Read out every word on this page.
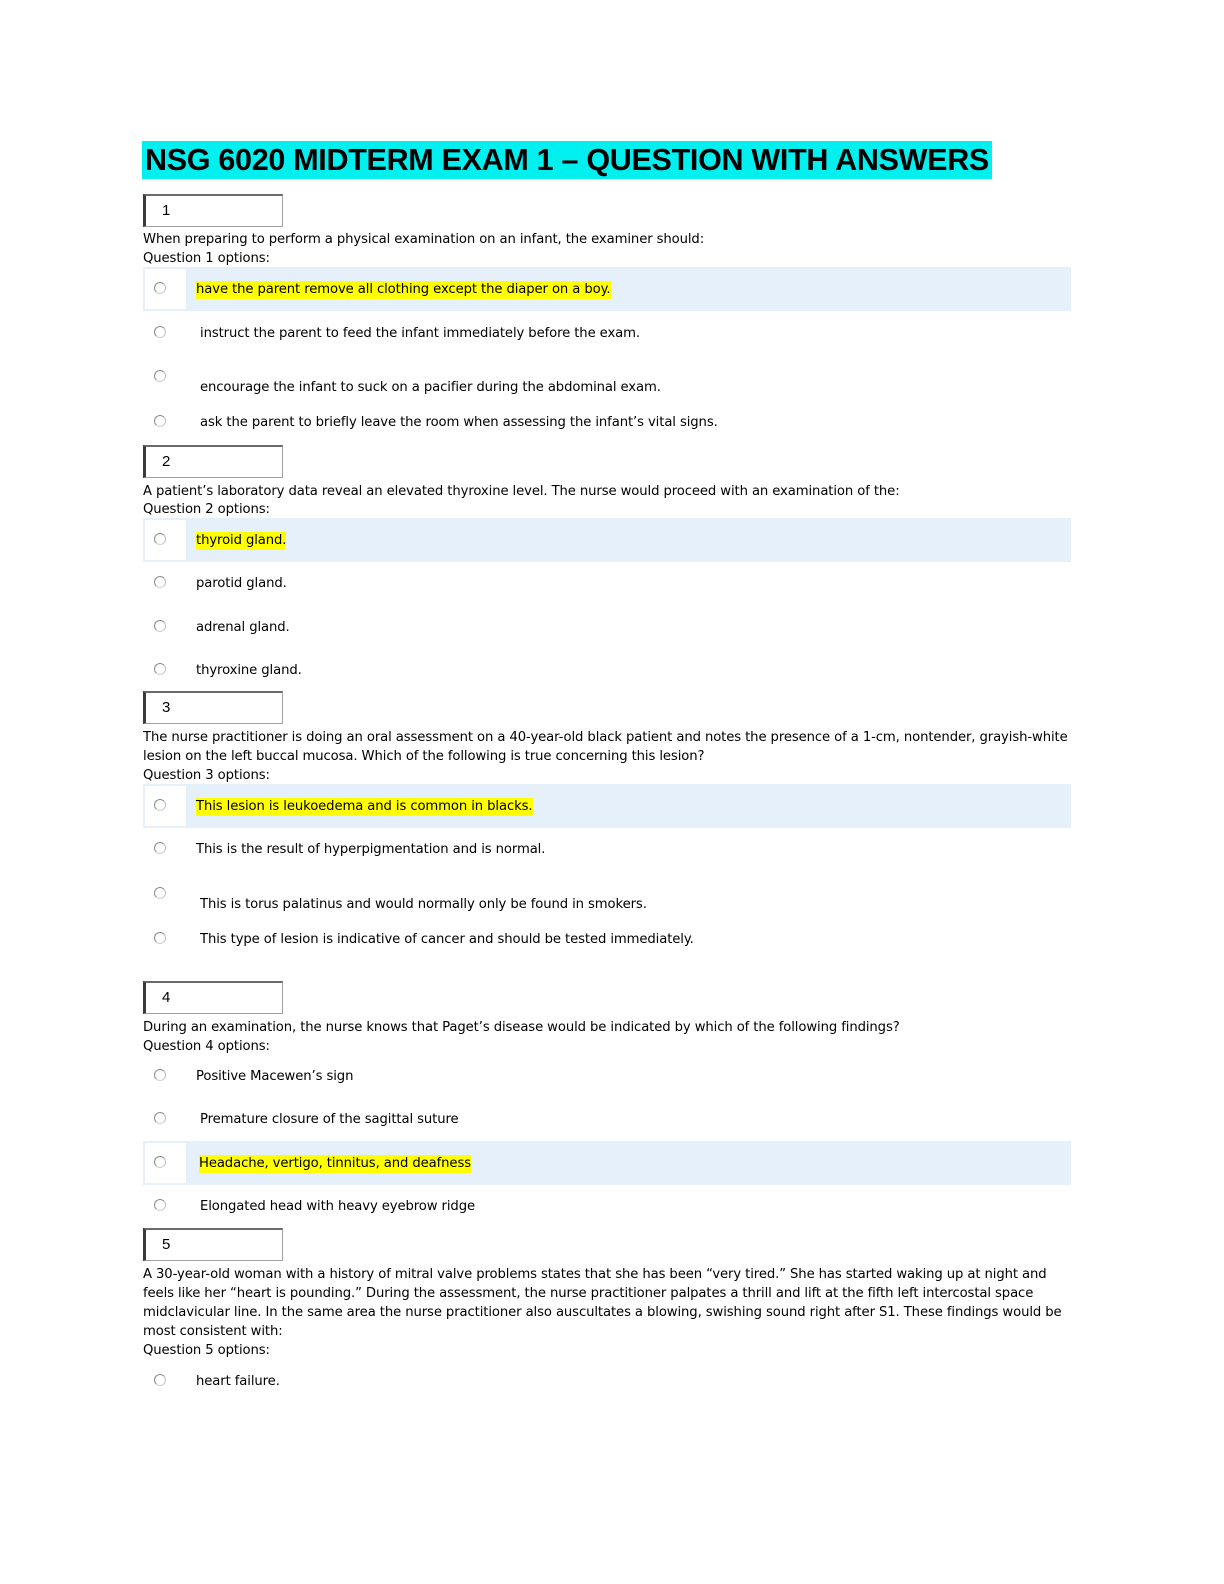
NSG 6020 MIDTERM EXAM 1 – QUESTION WITH ANSWERS
1
When preparing to perform a physical examination on an infant, the examiner should:
Question 1 options:
have the parent remove all clothing except the diaper on a boy.
instruct the parent to feed the infant immediately before the exam.
encourage the infant to suck on a pacifier during the abdominal exam.
ask the parent to briefly leave the room when assessing the infant’s vital signs.
2
A patient’s laboratory data reveal an elevated thyroxine level. The nurse would proceed with an examination of the:
Question 2 options:
thyroid gland.
parotid gland.
adrenal gland.
thyroxine gland.
3
The nurse practitioner is doing an oral assessment on a 40-year-old black patient and notes the presence of a 1-cm, nontender, grayish-white lesion on the left buccal mucosa. Which of the following is true concerning this lesion?
Question 3 options:
This lesion is leukoedema and is common in blacks.
This is the result of hyperpigmentation and is normal.
This is torus palatinus and would normally only be found in smokers.
This type of lesion is indicative of cancer and should be tested immediately.
4
During an examination, the nurse knows that Paget’s disease would be indicated by which of the following findings?
Question 4 options:
Positive Macewen’s sign
Premature closure of the sagittal suture
Headache, vertigo, tinnitus, and deafness
Elongated head with heavy eyebrow ridge
5
A 30-year-old woman with a history of mitral valve problems states that she has been “very tired.” She has started waking up at night and feels like her “heart is pounding.” During the assessment, the nurse practitioner palpates a thrill and lift at the fifth left intercostal space midclavicular line. In the same area the nurse practitioner also auscultates a blowing, swishing sound right after S1. These findings would be most consistent with:
Question 5 options:
heart failure.
